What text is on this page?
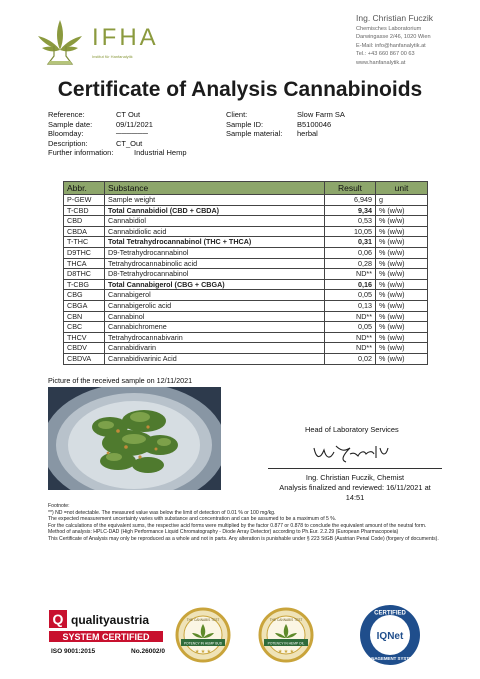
IFHA
Institut für Hanfanalytik
Ing. Christian Fuczik
Chemisches Laboratorium
Darwingasse 2/46, 1020 Wien
E-Mail: info@hanfanalytik.at
Tel.: +43 660 867 00 63
www.hanfanalytik.at
Certificate of Analysis Cannabinoids
Reference:	CT Out
Sample date:	09/11/2021
Bloomday:	──────
Description:	CT_Out
Further information:	Industrial Hemp
Client:	Slow Farm SA
Sample ID:	B5100046
Sample material:	herbal
Abbr.	Substance	Result	unit
P-GEW	Sample weight	6,949	g
T-CBD	Total Cannabidiol (CBD + CBDA)	9,34	% (w/w)
CBD	Cannabidiol	0,53	% (w/w)
CBDA	Cannabidiolic acid	10,05	% (w/w)
T-THC	Total Tetrahydrocannabinol (THC + THCA)	0,31	% (w/w)
D9THC	D9-Tetrahydrocannabinol	0,06	% (w/w)
THCA	Tetrahydrocannabinolic acid	0,28	% (w/w)
D8THC	D8-Tetrahydrocannabinol	ND**	% (w/w)
T-CBG	Total Cannabigerol (CBG + CBGA)	0,16	% (w/w)
CBG	Cannabigerol	0,05	% (w/w)
CBGA	Cannabigerolic acid	0,13	% (w/w)
CBN	Cannabinol	ND**	% (w/w)
CBC	Cannabichromene	0,05	% (w/w)
THCV	Tetrahydrocannabivarin	ND**	% (w/w)
CBDV	Cannabidivarin	ND**	% (w/w)
CBDVA	Cannabidivarinic Acid	0,02	% (w/w)
Picture of the received sample on 12/11/2021
Head of Laboratory Services
Ing. Christian Fuczik, Chemist
Analysis finalized and reviewed: 16/11/2021 at
14:51
Footnote:
**) ND =not detectable. The measured value was below the limit of detection of 0.01 % or 100 mg/kg.
The expected measurement uncertainty varies with substance and concentration and can be assumed to be a maximum of 5 %.
For the calculations of the equivalent sums, the respective acid forms were multiplied by the factor 0.877 or 0.878 to conclude the equivalent amount of the neutral form.
Method of analysis: HPLC-DAD (High Performance Liquid Chromatography - Diode Array Detector) according to Ph.Eur. 2.2.29 (European Pharmacopoeia)
This Certificate of Analysis may only be reproduced as a whole and not in parts. Any alteration is punishable under § 223 StGB (Austrian Penal Code) (forgery of documents).
Q qualityaustria
SYSTEM CERTIFIED
ISO 9001:2015	No.26002/0
THE CANNABIS TEST
POTENCY IN HEMP BUD
★ ★ ★
THE CANNABIS TEST
POTENCY IN HEMP OIL
★ ★ ★
CERTIFIED
IQNet
MANAGEMENT SYSTEM
